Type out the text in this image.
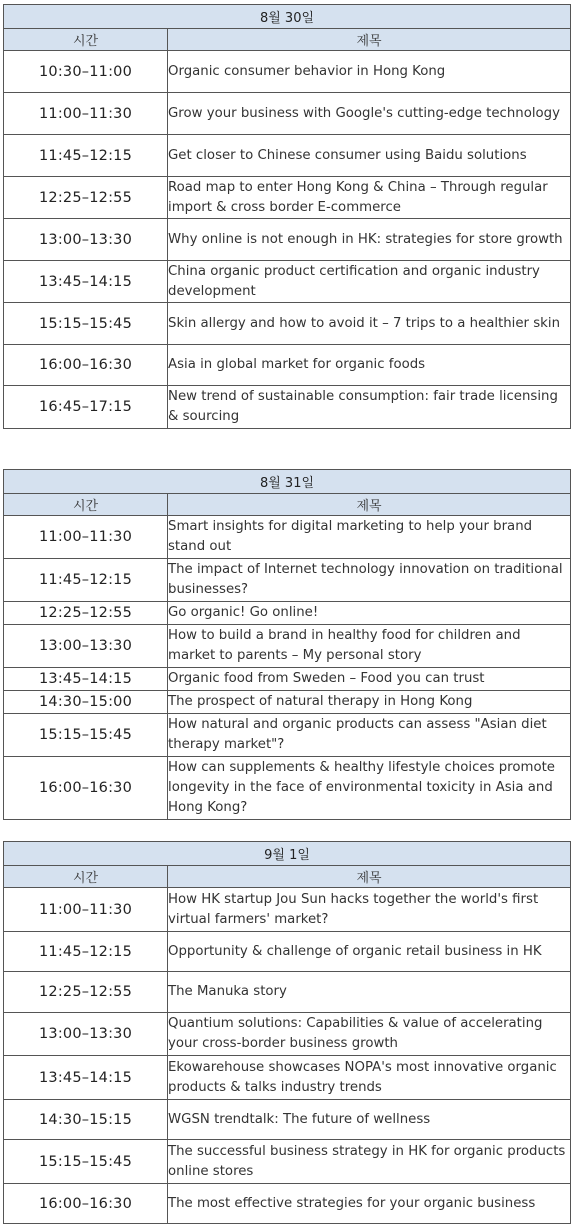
8월 30일	
시간	제목
10:30–11:00	Organic consumer behavior in Hong Kong
11:00–11:30	Grow your business with Google's cutting-edge technology
11:45–12:15	Get closer to Chinese consumer using Baidu solutions
12:25–12:55	Road map to enter Hong Kong & China – Through regular import & cross border E-commerce
13:00–13:30	Why online is not enough in HK: strategies for store growth
13:45–14:15	China organic product certification and organic industry development
15:15–15:45	Skin allergy and how to avoid it – 7 trips to a healthier skin
16:00–16:30	Asia in global market for organic foods
16:45–17:15	New trend of sustainable consumption: fair trade licensing & sourcing
8월 31일	
시간	제목
11:00–11:30	Smart insights for digital marketing to help your brand stand out
11:45–12:15	The impact of Internet technology innovation on traditional businesses?
12:25–12:55	Go organic! Go online!
13:00–13:30	How to build a brand in healthy food for children and market to parents – My personal story
13:45–14:15	Organic food from Sweden – Food you can trust
14:30–15:00	The prospect of natural therapy in Hong Kong
15:15–15:45	How natural and organic products can assess "Asian diet therapy market"?
16:00–16:30	How can supplements & healthy lifestyle choices promote longevity in the face of environmental toxicity in Asia and Hong Kong?
9월 1일	
시간	제목
11:00–11:30	How HK startup Jou Sun hacks together the world's first virtual farmers' market?
11:45–12:15	Opportunity & challenge of organic retail business in HK
12:25–12:55	The Manuka story
13:00–13:30	Quantium solutions: Capabilities & value of accelerating your cross-border business growth
13:45–14:15	Ekowarehouse showcases NOPA's most innovative organic products & talks industry trends
14:30–15:15	WGSN trendtalk: The future of wellness
15:15–15:45	The successful business strategy in HK for organic products online stores
16:00–16:30	The most effective strategies for your organic business
